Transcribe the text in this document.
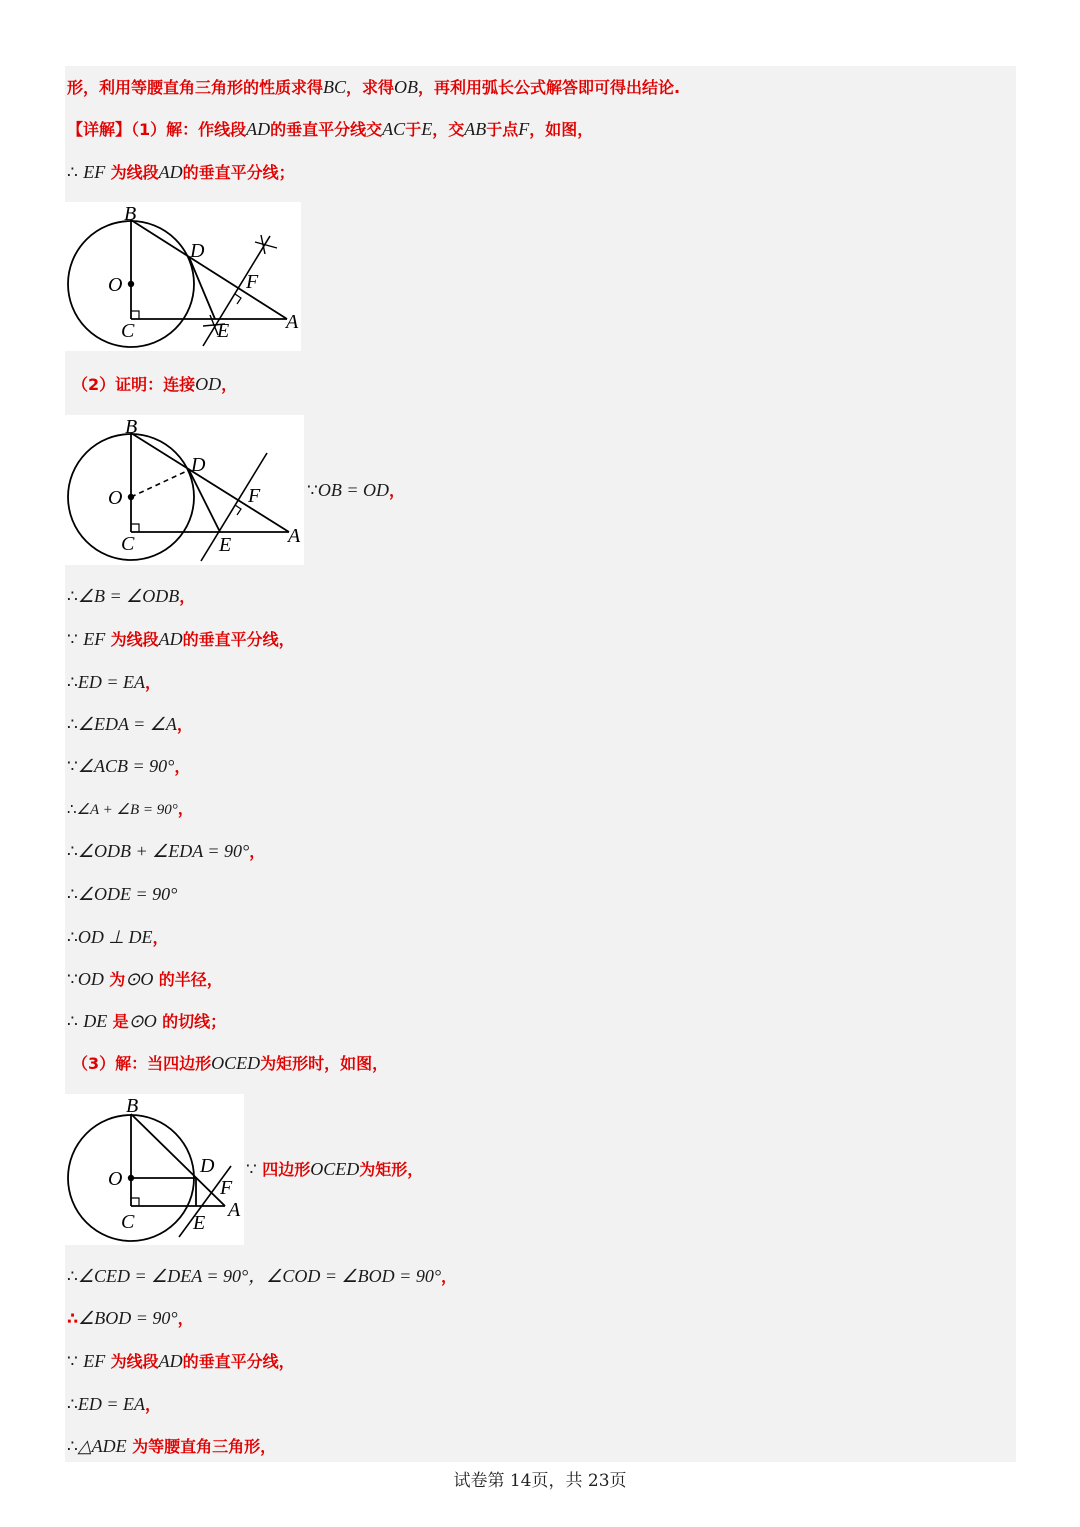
形，利用等腰直角三角形的性质求得BC，求得OB，再利用弧长公式解答即可得出结论.
【详解】（1）解：作线段AD的垂直平分线交AC于E，交AB于点F，如图，
∴ EF 为线段AD的垂直平分线；
B
O
C
D
F
E	A
（2）证明：连接OD，
B
O
C
D
F
E	A
∵OB = OD，
∴∠B = ∠ODB，
∵ EF 为线段AD的垂直平分线，
∴ED = EA，
∴∠EDA = ∠A，
∵∠ACB = 90°，
∴∠A + ∠B = 90°，
∴∠ODB + ∠EDA = 90°，
∴∠ODE = 90°
∴OD ⊥ DE，
∵OD 为⊙O 的半径，
∴ DE 是⊙O 的切线；
（3）解：当四边形OCED为矩形时，如图，
B
O
C
D
F
E
A
∵ 四边形OCED为矩形，
∴∠CED = ∠DEA = 90°，∠COD = ∠BOD = 90°，
∴∠BOD = 90°，
∵ EF 为线段AD的垂直平分线，
∴ED = EA，
∴△ADE 为等腰直角三角形，
试卷第 14页，共 23页
